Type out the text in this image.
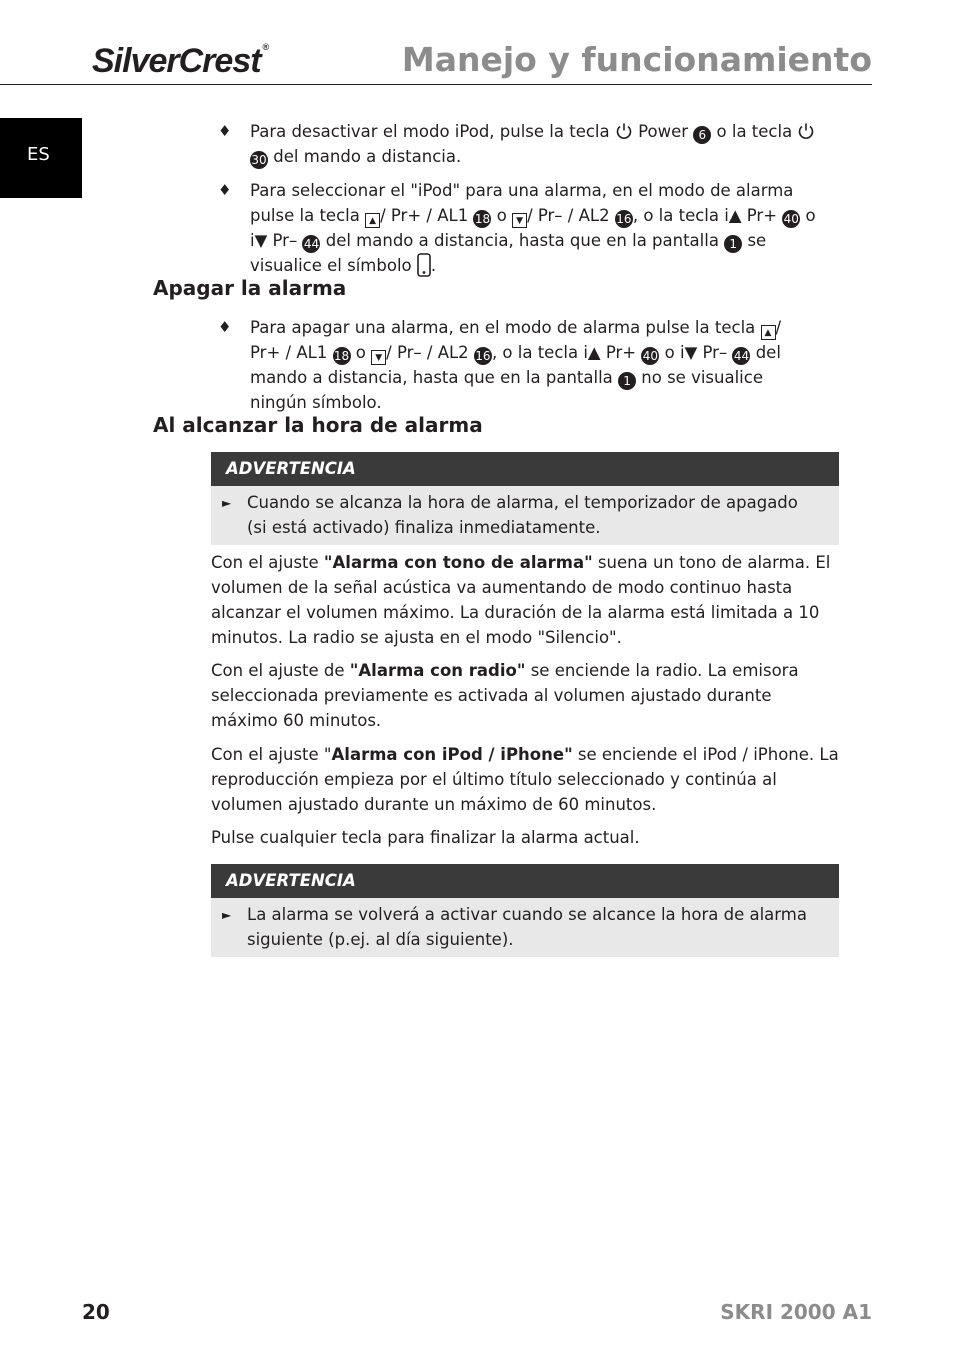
SilverCrest ®	Manejo y funcionamiento
ES
♦ Para desactivar el modo iPod, pulse la tecla Power 6 o la tecla  30 del mando a distancia.
♦ Para seleccionar el "iPod" para una alarma, en el modo de alarma pulse la tecla ▲ / Pr+ / AL1 18 o ▼ / Pr– / AL2 16, o la tecla i▲ Pr+ 40 o i▼ Pr– 44 del mando a distancia, hasta que en la pantalla 1 se visualice el símbolo .
Apagar la alarma
♦ Para apagar una alarma, en el modo de alarma pulse la tecla ▲ / Pr+ / AL1 18 o ▼ / Pr– / AL2 16, o la tecla i▲ Pr+ 40 o i▼ Pr– 44 del mando a distancia, hasta que en la pantalla 1 no se visualice ningún símbolo.
Al alcanzar la hora de alarma
ADVERTENCIA
► Cuando se alcanza la hora de alarma, el temporizador de apagado (si está activado) finaliza inmediatamente.
Con el ajuste "Alarma con tono de alarma" suena un tono de alarma. El volumen de la señal acústica va aumentando de modo continuo hasta alcanzar el volumen máximo. La duración de la alarma está limitada a 10 minutos. La radio se ajusta en el modo "Silencio".
Con el ajuste de "Alarma con radio" se enciende la radio. La emisora seleccionada previamente es activada al volumen ajustado durante máximo 60 minutos.
Con el ajuste "Alarma con iPod / iPhone" se enciende el iPod / iPhone. La reproducción empieza por el último título seleccionado y continúa al volumen ajustado durante un máximo de 60 minutos.
Pulse cualquier tecla para finalizar la alarma actual.
ADVERTENCIA
► La alarma se volverá a activar cuando se alcance la hora de alarma siguiente (p.ej. al día siguiente).
20	SKRI 2000 A1
